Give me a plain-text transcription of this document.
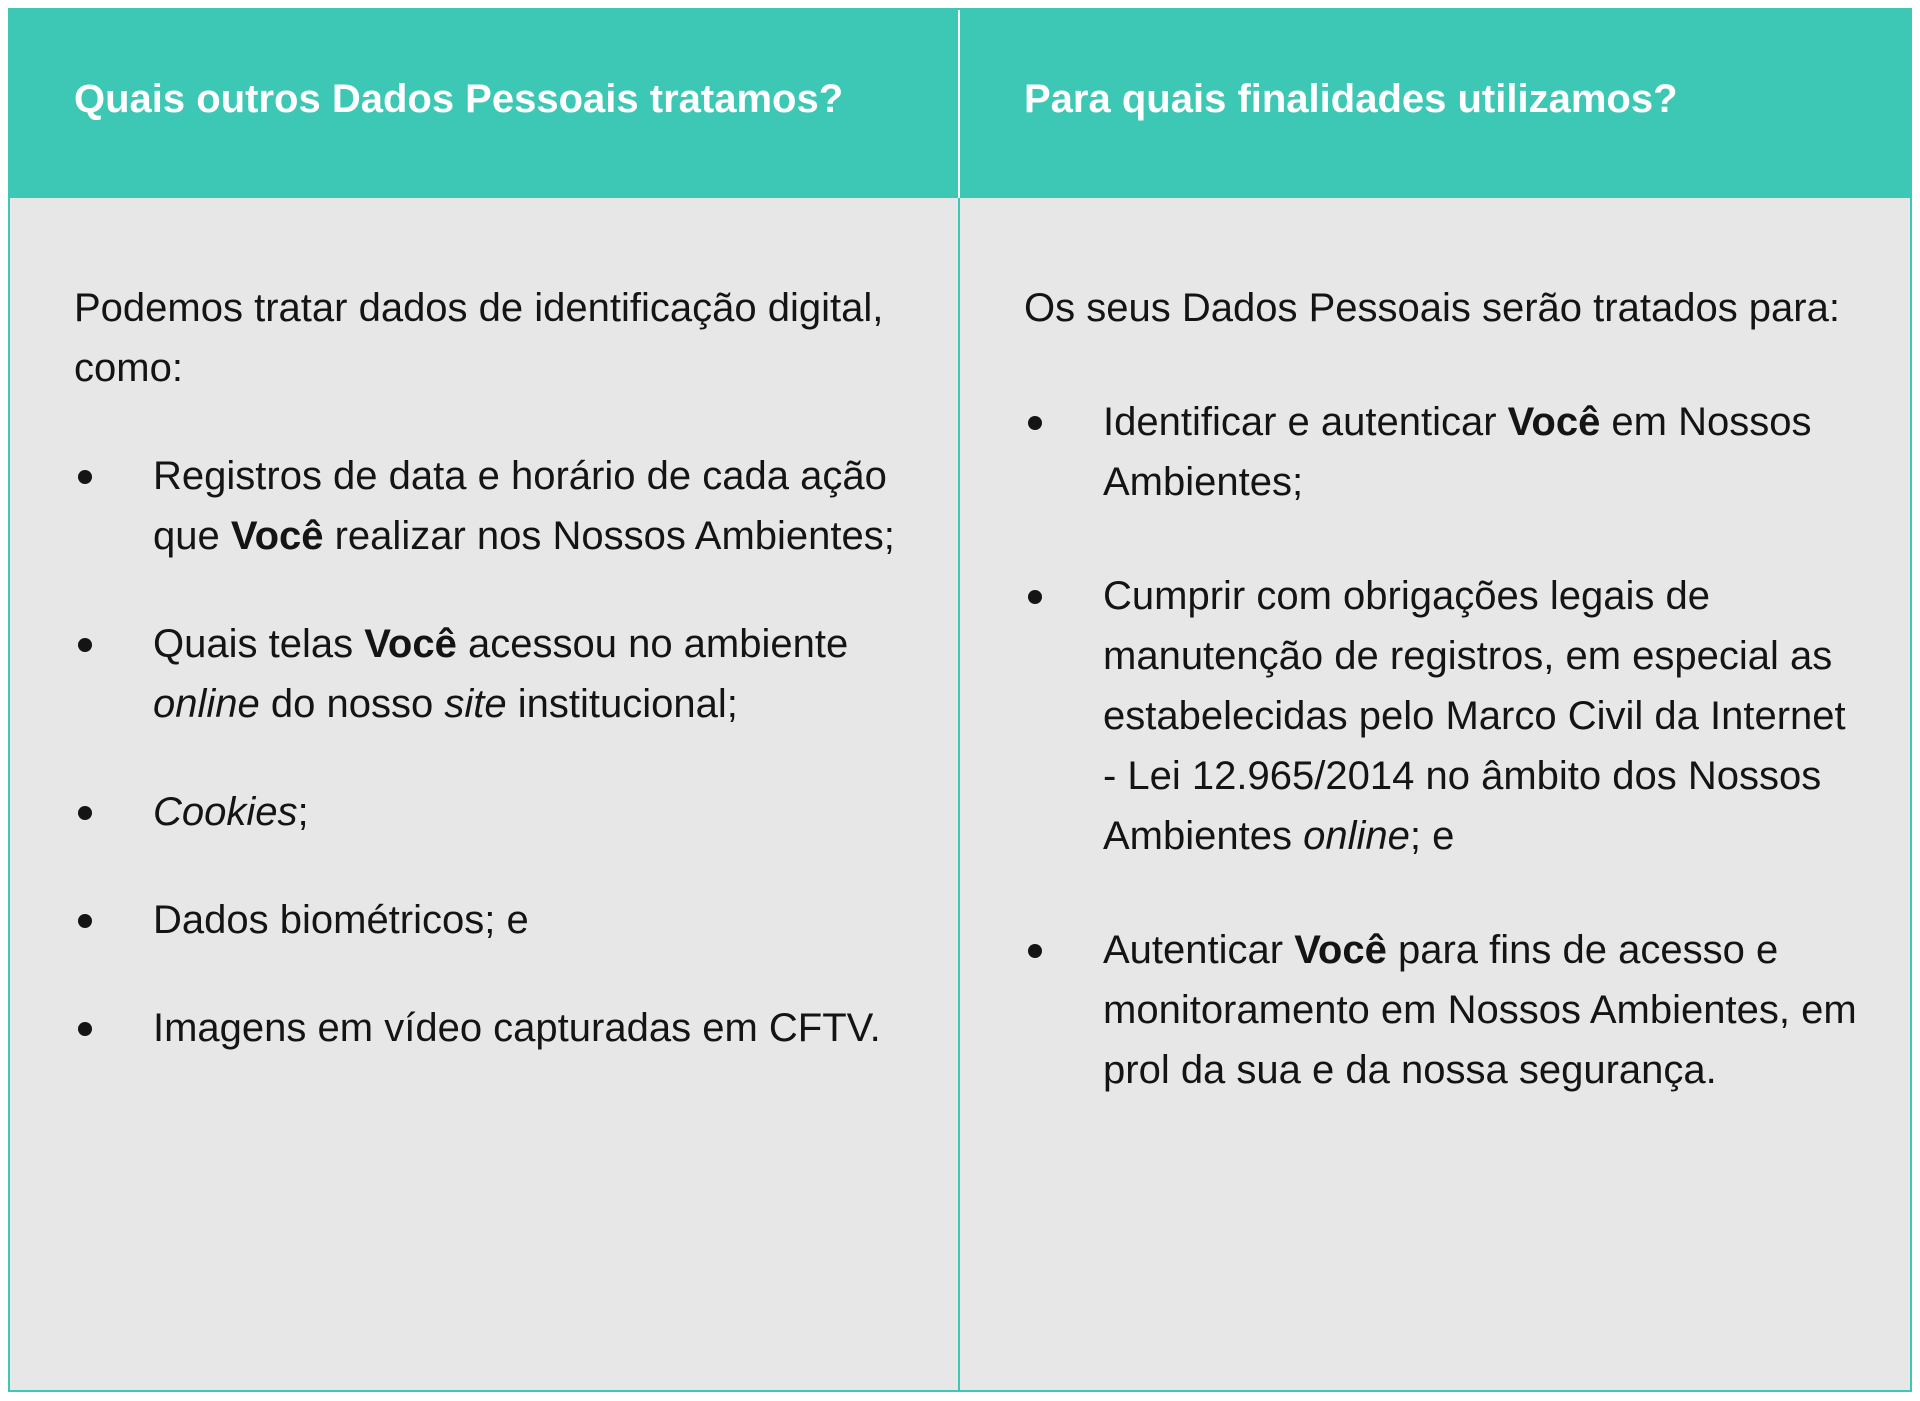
Quais outros Dados Pessoais tratamos?	Para quais finalidades utilizamos?

Podemos tratar dados de identificação digital, como:

Registros de data e horário de cada ação que Você realizar nos Nossos Ambientes;
Quais telas Você acessou no ambiente online do nosso site institucional;
Cookies;
Dados biométricos; e
Imagens em vídeo capturadas em CFTV.

Os seus Dados Pessoais serão tratados para:

Identificar e autenticar Você em Nossos Ambientes;
Cumprir com obrigações legais de manutenção de registros, em especial as estabelecidas pelo Marco Civil da Internet - Lei 12.965/2014 no âmbito dos Nossos Ambientes online; e
Autenticar Você para fins de acesso e monitoramento em Nossos Ambientes, em prol da sua e da nossa segurança.
